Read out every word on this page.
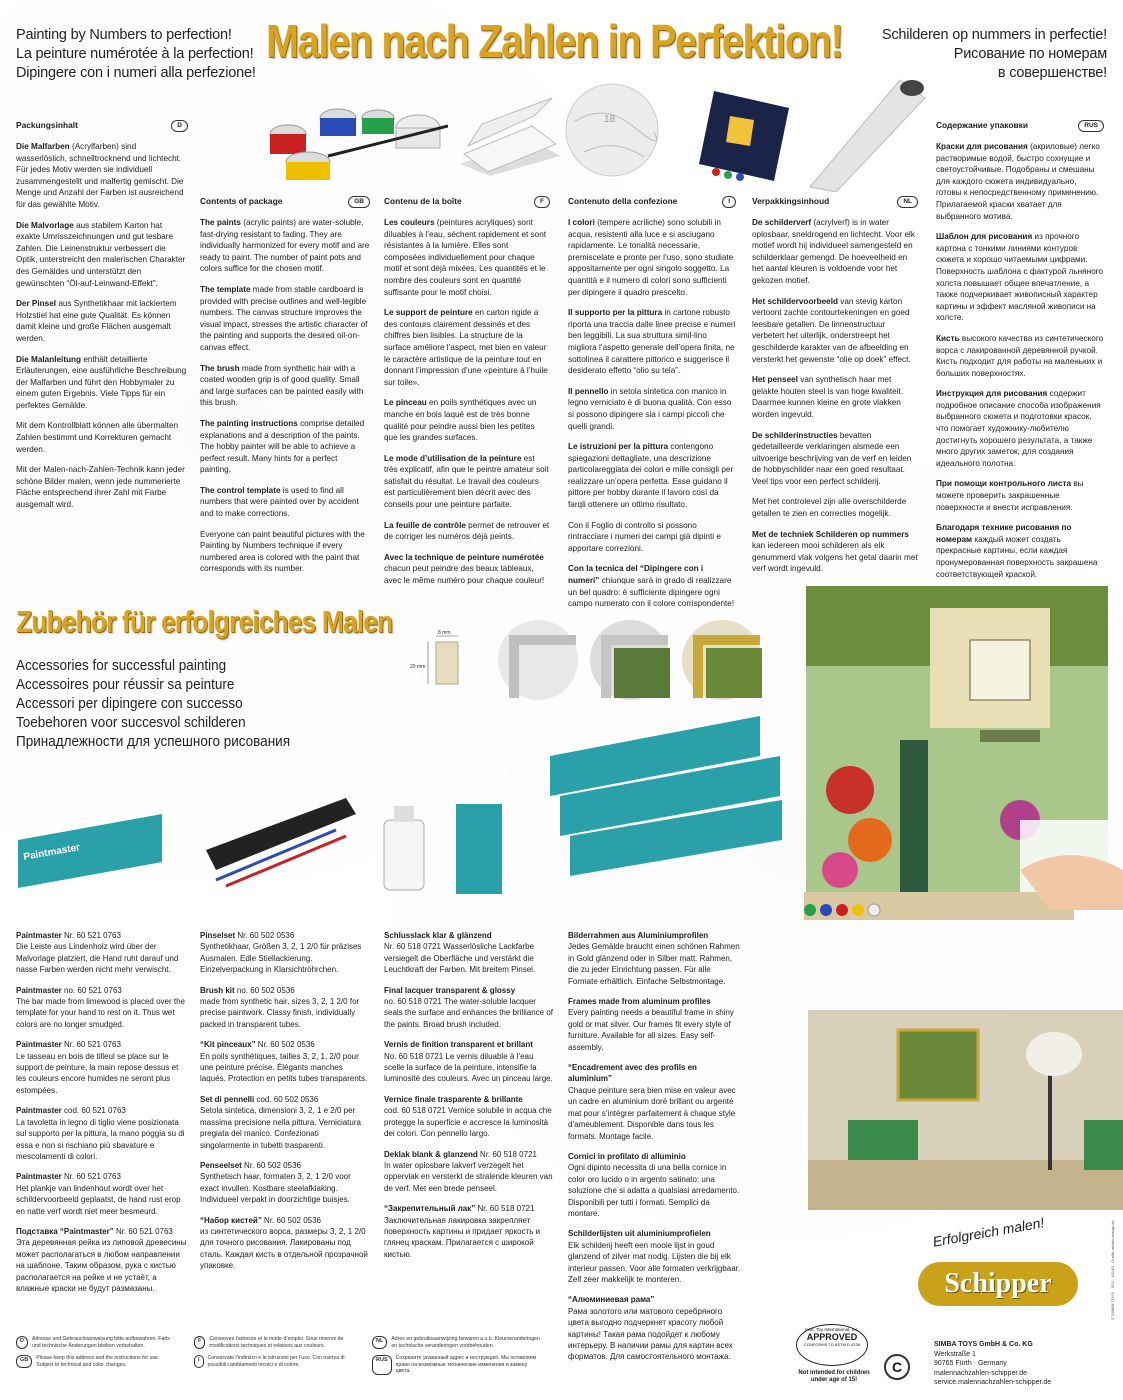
Painting by Numbers to perfection!
La peinture numérotée à la perfection!
Dipingere con i numeri alla perfezione!
Malen nach Zahlen in Perfektion!	Schilderen op nummers in perfectie!
Рисование по номерам
в совершенстве!
18
Packungsinhalt	D

Die Malfarben (Acrylfarben) sind wasserlöslich, schnelltrocknend und lichtecht. Für jedes Motiv werden sie individuell zusammengestellt und malfertig gemischt. Die Menge und Anzahl der Farben ist ausreichend für das gewählte Motiv.

Die Malvorlage aus stabilem Karton hat exakte Umrisszeichnungen und gut lesbare Zahlen. Die Leinenstruktur verbessert die Optik, unterstreicht den malerischen Charakter des Gemäldes und unterstützt den gewünschten “Öl-auf-Leinwand-Effekt”.

Der Pinsel aus Synthetikhaar mit lackiertem Holzstiel hat eine gute Qualität. Es können damit kleine und große Flächen ausgemalt werden.

Die Malanleitung enthält detaillierte Erläuterungen, eine ausführliche Beschreibung der Malfarben und führt den Hobbymaler zu einem guten Ergebnis. Viele Tipps für ein perfektes Gemälde.

Mit dem Kontrollblatt können alle übermalten Zahlen bestimmt und Korrekturen gemacht werden.

Mit der Malen-nach-Zahlen-Technik kann jeder schöne Bilder malen, wenn jede nummerierte Fläche entsprechend ihrer Zahl mit Farbe ausgemalt wird.

Contents of package	GB

The paints (acrylic paints) are water-soluble, fast-drying resistant to fading. They are individually harmonized for every motif and are ready to paint. The number of paint pots and colors suffice for the chosen motif.

The template made from stable cardboard is provided with precise outlines and well-legible numbers. The canvas structure improves the visual impact, stresses the artistic character of the painting and supports the desired oil-on-canvas effect.

The brush made from synthetic hair with a coated wooden grip is of good quality. Small and large surfaces can be painted easily with this brush.

The painting instructions comprise detailed explanations and a description of the paints. The hobby painter will be able to achieve a perfect result. Many hints for a perfect painting.

The control template is used to find all numbers that were painted over by accident and to make corrections.

Everyone can paint beautiful pictures with the Painting by Numbers technique if every numbered area is colored with the paint that corresponds with its number.

Contenu de la boîte	F

Les couleurs (peintures acryliques) sont diluables à l’eau, séchent rapidement et sont résistantes à la lumière. Elles sont composées individuellement pour chaque motif et sont déjà mixées. Les quantités et le nombre des couleurs sont en quantité suffisante pour le motif choisi.

Le support de peinture en carton rigide a des contours clairement dessinés et des chiffres bien lisibles. La structure de la surface améliore l’aspect, met bien en valeur le caractère artistique de la peinture tout en donnant l’impression d’une «peinture à l’huile sur toile».

Le pinceau en poils synthétiques avec un manche en bois laqué est de très bonne qualité pour peindre aussi bien les petites que les grandes surfaces.

Le mode d’utilisation de la peinture est très explicatif, afin que le peintre amateur soit satisfait du résultat. Le travail des couleurs est particulièrement bien décrit avec des conseils pour une peinture parfaite.

La feuille de contrôle permet de retrouver et de corriger les numéros déjà peints.

Avec la technique de peinture numérotée chacun peut peindre des beaux tableaux, avec le même numéro pour chaque couleur!

Contenuto della confezione	I

I colori (tempere acriliche) sono solubili in acqua, resistenti alla luce e si asciugano rapidamente. Le tonalità necessarie, premiscelate e pronte per l’uso, sono studiate appositamente per ogni singolo soggetto. La quantità e il numero di colori sono sufficienti per dipingere il quadro prescelto.

Il supporto per la pittura in cartone robusto riporta una traccia dalle linee precise e numeri ben leggibili. La sua struttura simil-lino migliora l’aspetto generale dell’opera finita, ne sottolinea il carattere pittorico e suggerisce il desiderato effetto “olio su tela”.

Il pennello in setola sintetica con manico in legno verniciato è di buona qualità. Con esso si possono dipingere sia i campi piccoli che quelli grandi.

Le istruzioni per la pittura contengono spiegazioni dettagliate, una descrizione particolareggiata dei colori e mille consigli per realizzare un’opera perfetta. Esse guidano il pittore per hobby durante il lavoro così da farqli ottenere un ottimo risultato.

Con il Foglio di controllo si possono rintracciare i numeri dei campi già dipinti e apportare correzioni.

Con la tecnica del “Dipingere con i numeri” chiunque sarà in grado di realizzare un bel quadro: è sufficiente dipingere ogni campo numerato con il colore corrispondente!

Verpakkingsinhoud	NL

De schilderverf (acrylverf) is in water oplosbaar, sneldrogend en lichtecht. Voor elk motief wordt hij individueel samengesteld en schilderklaar gemengd. De hoeveelheid en het aantal kleuren is voldoende voor het gekozen motief.

Het schildervoorbeeld van stevig karton vertoont zachte contourtekeningen en goed leesbare getallen. De linnenstructuur verbetert het uiterlijk, onderstreept het geschilderde karakter van de afbeelding en versterkt het gewenste “olie op doek” effect.

Het penseel van synthetisch haar met gelakte houten steel is van hoge kwaliteit. Daarmee kunnen kleine en grote vlakken worden ingevuld.

De schilderinstructies bevatten gedetailleerde verklaringen alsmede een uitvoerige beschrijving van de verf en leiden de hobbyschilder naar een goed resultaat. Veel tips voor een perfect schilderij.

Met het controlevel zijn alle overschilderde getallen te zien en correcties mogelijk.

Met de techniek Schilderen op nummers kan iedereen mooi schilderen als elk genummerd vlak volgens het getal daarin met verf wordt ingevuld.

Содержание упаковки	RUS

Краски для рисования (акриловые) легко растворимые водой, быстро сохнущие и светоустойчивые. Подобраны и смешаны для каждого сюжета индивидуально, готовы к непосредственному применению. Прилагаемой краски хватает для выбранного мотива.

Шаблон для рисования из прочного картона с тонкими линиями контуров сюжета и хорошо читаемыми цифрами. Поверхность шаблона с фактурой льняного холста повышает общее впечатление, а также подчеркивает живописный характер картины и эффект масляной живописи на холсте.

Кисть высокого качества из синтетического ворса с лакированной деревянной ручкой. Кисть подходит для работы на маленьких и больших поверхностях.

Инструкция для рисования содержит подробное описание способа изображения выбранного сюжета и подготовки красок, что помогает художнику-любителю достигнуть хорошего результата, а также много других заметок, для создания идеального полотна.

При помощи контрольного листа вы можете проверить закрашенные поверхности и внести исправления.

Благодаря технике рисования по номерам каждый может создать прекрасные картины, если каждая пронумерованная поверхность закрашена соответствующей краской.

Zubehör für erfolgreiches Malen
Accessories for successful painting
Accessoires pour réussir sa peinture
Accessori per dipingere con successo
Toebehoren voor succesvol schilderen
Принадлежности для успешного рисования
8 mm
20 mm
Paintmaster

Paintmaster Nr. 60 521 0763
Die Leiste aus Lindenholz wird über der Malvorlage platziert, die Hand ruht darauf und nasse Farben werden nicht mehr verwischt.

Paintmaster no. 60 521 0763
The bar made from limewood is placed over the template for your hand to rest on it. Thus wet colors are no longer smudged.

Paintmaster Nr. 60 521 0763
Le tasseau en bois de tilleul se place sur le support de peinture, la main repose dessus et les couleurs encore humides ne seront plus estompées.

Paintmaster cod. 60 521 0763
La tavoletta in legno di tiglio viene posizionata sul supporto per la pittura, la mano poggia su di essa e non si rischiano più sbavature e mescolamenti di colori.

Paintmaster Nr. 60 521 0763
Het plankje van lindenhout wordt over het schildervoorbeeld geplaatst, de hand rust erop en natte verf wordt niet meer besmeurd.

Подставка “Paintmaster” Nr. 60 521 0763
Эта деревянная рейка из липовой древесины может располагаться в любом направлении на шаблоне. Таким образом, рука с кистью располагается на рейке и не устаёт, а влажные краски не будут размазаны.

Pinselset Nr. 60 502 0536
Synthetikhaar, Größen 3, 2, 1 2/0 für präzises Ausmalen. Edle Stiellackierung. Einzelverpackung in Klarsichtröhrchen.

Brush kit no. 60 502 0536
made from synthetic hair, sizes 3, 2, 1 2/0 for precise paintwork. Classy finish, individually packed in transparent tubes.

“Kit pinceaux” Nr. 60 502 0536
En poils synthétiques, tailles 3, 2, 1, 2/0 pour une peinture précise. Élégants manches laqués. Protection en petits tubes transparents.

Set di pennelli cod. 60 502 0536
Setola sintetica, dimensioni 3, 2, 1 e 2/0 per massima precisione nella pittura. Verniciatura pregiata del manico. Confezionati singolarmente in tubetti trasparenti.

Penseelset Nr. 60 502 0536
Synthetisch haar, formaten 3, 2, 1 2/0 voor exact invullen. Kostbare steelafklaking. Individueel verpakt in doorzichtige buisjes.

“Набор кистей” Nr. 60 502 0536
из синтетического ворса, размеры 3, 2, 1 2/0 для точного рисования. Лакированы под сталь. Каждая кисть в отдельной прозрачной упаковке.

Schlusslack klar & glänzend
Nr. 60 518 0721 Wasserlösliche Lackfarbe versiegelt die Oberfläche und verstärkt die Leuchtkraft der Farben. Mit breitem Pinsel.

Final lacquer transparent & glossy
no. 60 518 0721 The water-soluble lacquer seals the surface and enhances the brilliance of the paints. Broad brush included.

Vernis de finition transparent et brillant
No. 60 518 0721 Le vernis diluable à l’eau scelle la surface de la peinture, intensifie la luminosité des couleurs. Avec un pinceau large.

Vernice finale trasparente & brillante
cod. 60 518 0721 Vernice solubile in acqua che protegge la superficie e accresce la luminosità dei colori. Con pennello largo.

Deklak blank & glanzend Nr. 60 518 0721
In water oplosbare lakverf verzegelt het oppervlak en versterkt de stralende kleuren van de verf. Met een brede penseel.

“Закрепительный лак” Nr. 60 518 0721
Заключительная лакировка закрепляет поверхность картины и придает яркость и глянец краскам. Прилагается с широкой кистью.

Bilderrahmen aus Aluminiumprofilen
Jedes Gemälde braucht einen schönen Rahmen in Gold glänzend oder in Silber matt. Rahmen, die zu jeder Einrichtung passen. Für alle Formate erhältlich. Einfache Selbstmontage.

Frames made from aluminum profiles
Every painting needs a beautiful frame in shiny gold or mat silver. Our frames fit every style of furniture. Available for all sizes. Easy self-assembly.

“Encadrement avec des profils en aluminium”
Chaque peinture sera bien mise en valeur avec un cadre en aluminium doré brillant ou argenté mat pour s’intégrer parfaitement à chaque style d’ameublement. Disponible dans tous les formats. Montage facile.

Cornici in profilato di alluminio
Ogni dipinto necessita di una bella cornice in color oro lucido o in argento satinato: una soluzione che si adatta a qualsiasi arredamento. Disponibili per tutti i formati. Semplici da montare.

Schilderlijsten uit aluminiumprofielen
Elk schilderij heeft een mooie lijst in goud glanzend of zilver mat nodig. Lijsten die bij elk interieur passen. Voor alle formaten verkrijgbaar. Zelf zeer makkelijk te monteren.

“Алюминиевая рама”
Рама золотого или матового серебряного цвета выгодно подчеркнет красоту любой картины! Такая рама подойдет к любому интерьеру. В наличии рамы для картин всех форматов. Для самостоятельного монтажа.

D	Adresse und Gebrauchsanweisung bitte aufbewahren. Farb- und technische Änderungen bleiben vorbehalten.
GB	Please keep this address and the instructions for use. Subject to technical and color changes.
F	Conservez l’adresse et le mode d’emploi. Sous réserve de modifications techniques et relatives aux couleurs.
I	Conservate l’indirizzo e le istruzioni per l’uso. Con riserva di possibili cambiamenti tecnici e di colore.
NL	Adres en gebruiksaanwijzing bewaren a.u.b. Kleurveranderingen en technische veranderingen voorbehouden.
RUS	Сохраните указанный адрес и инструкцию. Мы оставляем право на возможные технические изменения и замену цвета.
Erfolgreich malen!
Schipper
Instr. Toy International, Inc.
APPROVED
CONFORMS TO ASTM D-4236
Not intended for children under age of 15!
C
SIMBA TOYS GmbH & Co. KG
Werkstraße 1
90765 Fürth · Germany
malennachzahlen-schipper.de
service.malennachzahlen-schipper.de
© SIMBA TOYS · 9/11 · 91140 · Grafik: atelier-design.de
